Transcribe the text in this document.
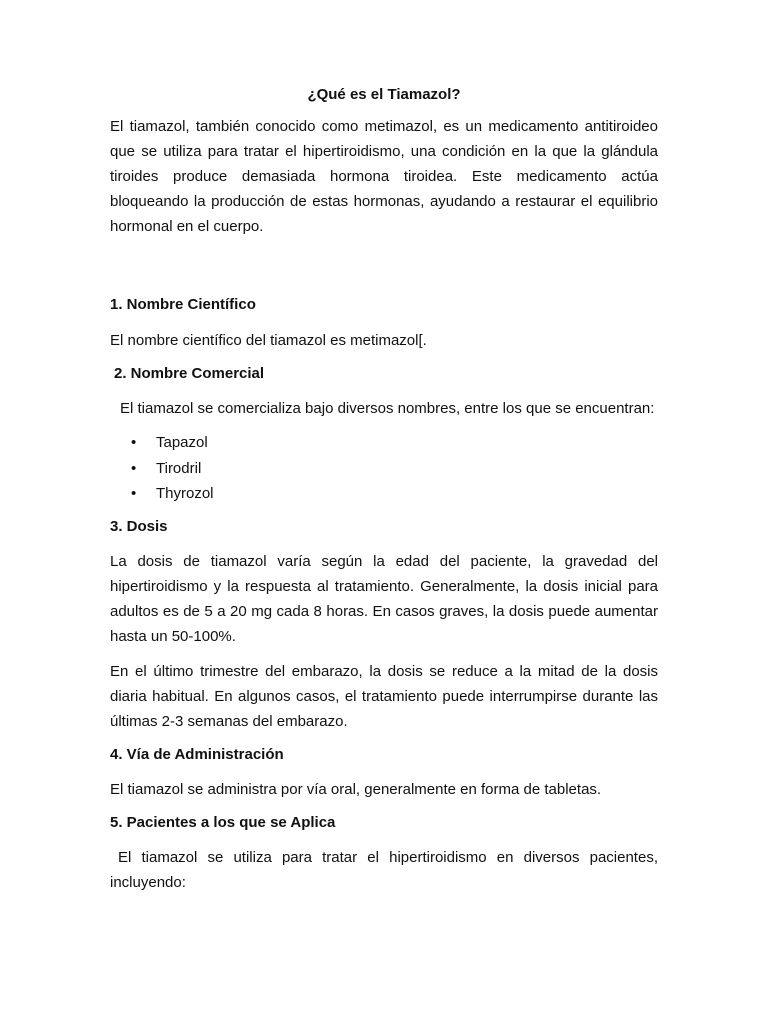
¿Qué es el Tiamazol?

El tiamazol, también conocido como metimazol, es un medicamento antitiroideo que se utiliza para tratar el hipertiroidismo, una condición en la que la glándula tiroides produce demasiada hormona tiroidea. Este medicamento actúa bloqueando la producción de estas hormonas, ayudando a restaurar el equilibrio hormonal en el cuerpo.

1. Nombre Científico

El nombre científico del tiamazol es metimazol[.

2. Nombre Comercial

El tiamazol se comercializa bajo diversos nombres, entre los que se encuentran:

• Tapazol
• Tirodril
• Thyrozol

3. Dosis

La dosis de tiamazol varía según la edad del paciente, la gravedad del hipertiroidismo y la respuesta al tratamiento. Generalmente, la dosis inicial para adultos es de 5 a 20 mg cada 8 horas. En casos graves, la dosis puede aumentar hasta un 50-100%.

En el último trimestre del embarazo, la dosis se reduce a la mitad de la dosis diaria habitual. En algunos casos, el tratamiento puede interrumpirse durante las últimas 2-3 semanas del embarazo.

4. Vía de Administración

El tiamazol se administra por vía oral, generalmente en forma de tabletas.

5. Pacientes a los que se Aplica

El tiamazol se utiliza para tratar el hipertiroidismo en diversos pacientes, incluyendo:
